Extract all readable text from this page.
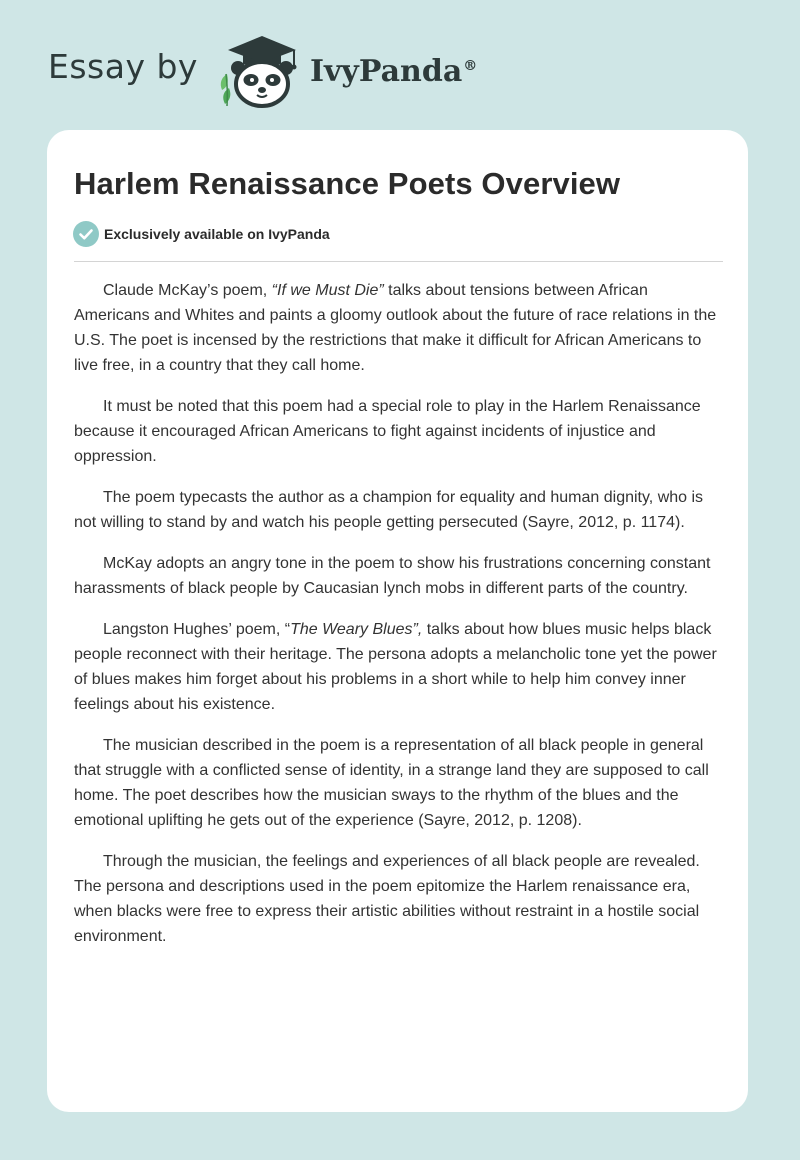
Essay by	IvyPanda®
Harlem Renaissance Poets Overview
Exclusively available on IvyPanda

Claude McKay’s poem, “If we Must Die” talks about tensions between African Americans and Whites and paints a gloomy outlook about the future of race relations in the U.S. The poet is incensed by the restrictions that make it difficult for African Americans to live free, in a country that they call home.

It must be noted that this poem had a special role to play in the Harlem Renaissance because it encouraged African Americans to fight against incidents of injustice and oppression.

The poem typecasts the author as a champion for equality and human dignity, who is not willing to stand by and watch his people getting persecuted (Sayre, 2012, p. 1174).

McKay adopts an angry tone in the poem to show his frustrations concerning constant harassments of black people by Caucasian lynch mobs in different parts of the country.

Langston Hughes’ poem, “The Weary Blues”, talks about how blues music helps black people reconnect with their heritage. The persona adopts a melancholic tone yet the power of blues makes him forget about his problems in a short while to help him convey inner feelings about his existence.

The musician described in the poem is a representation of all black people in general that struggle with a conflicted sense of identity, in a strange land they are supposed to call home. The poet describes how the musician sways to the rhythm of the blues and the emotional uplifting he gets out of the experience (Sayre, 2012, p. 1208).

Through the musician, the feelings and experiences of all black people are revealed. The persona and descriptions used in the poem epitomize the Harlem renaissance era, when blacks were free to express their artistic abilities without restraint in a hostile social environment.
